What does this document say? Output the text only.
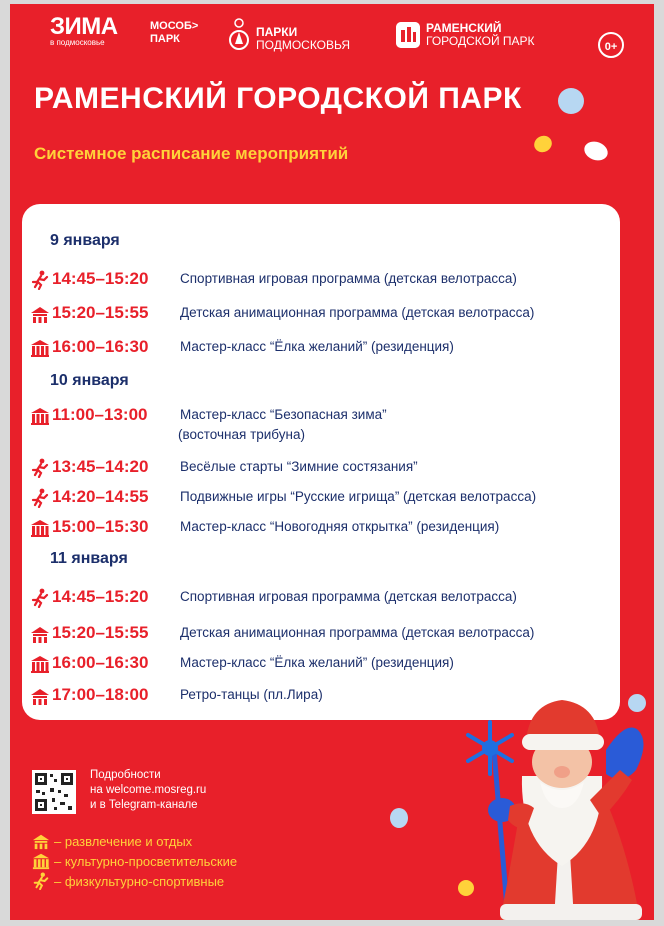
ЗИМА
в подмосковье
МОСОБ>
ПАРК	ПАРКИ
ПОДМОСКОВЬЯ
РАМЕНСКИЙ
ГОРОДСКОЙ ПАРК	0+
РАМЕНСКИЙ ГОРОДСКОЙ ПАРК
Системное расписание мероприятий
9 января
14:45–15:20 Спортивная игровая программа (детская велотрасса)
15:20–15:55 Детская анимационная программа (детская велотрасса)
16:00–16:30 Мастер-класс “Ёлка желаний” (резиденция)
10 января
11:00–13:00 Мастер-класс “Безопасная зима”
(восточная трибуна)
13:45–14:20 Весёлые старты “Зимние состязания”
14:20–14:55 Подвижные игры “Русские игрища” (детская велотрасса)
15:00–15:30 Мастер-класс “Новогодняя открытка” (резиденция)
11 января
14:45–15:20 Спортивная игровая программа (детская велотрасса)
15:20–15:55 Детская анимационная программа (детская велотрасса)
16:00–16:30 Мастер-класс “Ёлка желаний” (резиденция)
17:00–18:00 Ретро-танцы (пл.Лира)
Подробности
на welcome.mosreg.ru
и в Telegram-канале
– развлечение и отдых
– культурно-просветительские
– физкультурно-спортивные
